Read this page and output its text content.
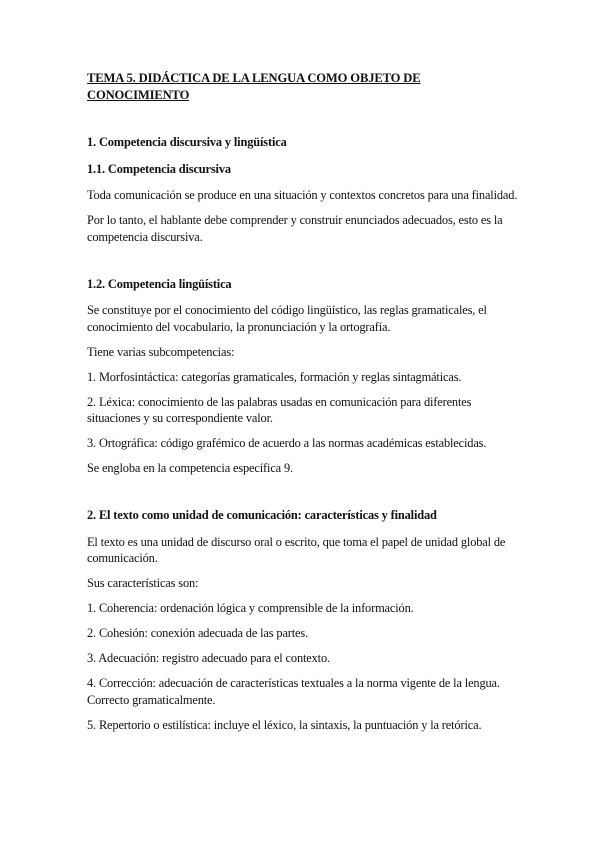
TEMA 5. DIDÁCTICA DE LA LENGUA COMO OBJETO DE
CONOCIMIENTO
1. Competencia discursiva y lingüística
1.1. Competencia discursiva
Toda comunicación se produce en una situación y contextos concretos para una finalidad.
Por lo tanto, el hablante debe comprender y construir enunciados adecuados, esto es la competencia discursiva.
1.2. Competencia lingüística
Se constituye por el conocimiento del código lingüístico, las reglas gramaticales, el conocimiento del vocabulario, la pronunciación y la ortografía.
Tiene varias subcompetencias:
1. Morfosintáctica: categorías gramaticales, formación y reglas sintagmáticas.
2. Léxica: conocimiento de las palabras usadas en comunicación para diferentes situaciones y su correspondiente valor.
3. Ortográfica: código grafémico de acuerdo a las normas académicas establecidas.
Se engloba en la competencia específica 9.
2. El texto como unidad de comunicación: características y finalidad
El texto es una unidad de discurso oral o escrito, que toma el papel de unidad global de comunicación.
Sus características son:
1. Coherencia: ordenación lógica y comprensible de la información.
2. Cohesión: conexión adecuada de las partes.
3. Adecuación: registro adecuado para el contexto.
4. Corrección: adecuación de características textuales a la norma vigente de la lengua. Correcto gramaticalmente.
5. Repertorio o estilística: incluye el léxico, la sintaxis, la puntuación y la retórica.
